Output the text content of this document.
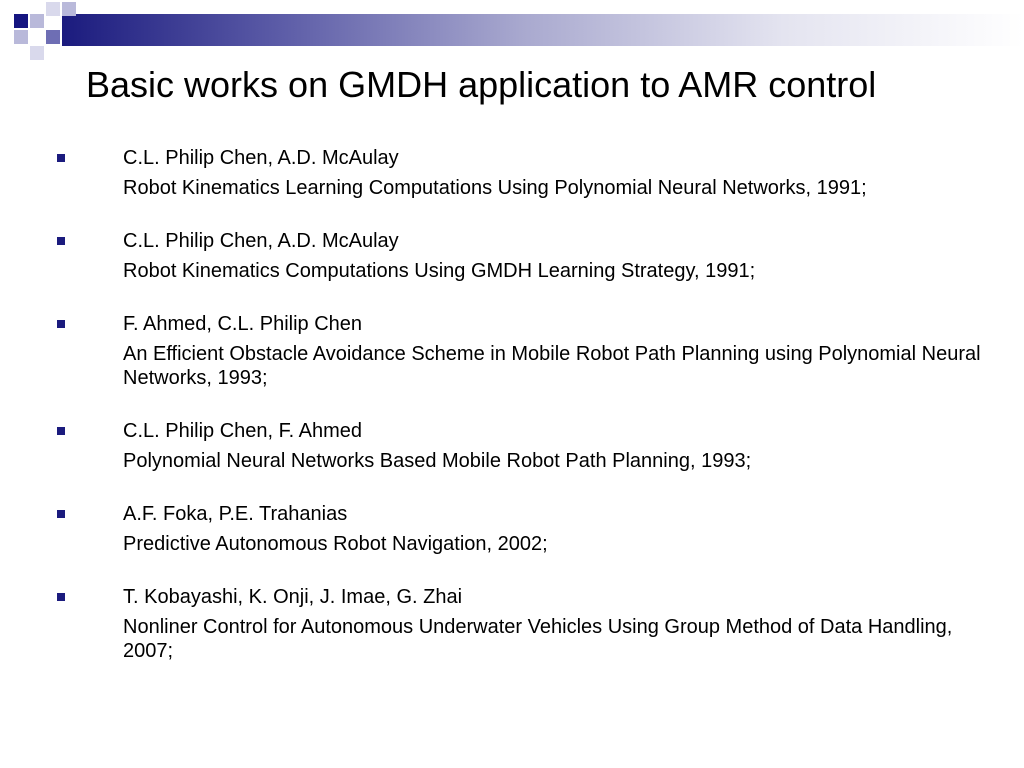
Basic works on GMDH application to AMR control
C.L. Philip Chen, A.D. McAulay
Robot Kinematics Learning Computations Using Polynomial Neural Networks, 1991;
C.L. Philip Chen, A.D. McAulay
Robot Kinematics Computations Using GMDH Learning Strategy, 1991;
F. Ahmed, C.L. Philip Chen
An Efficient Obstacle Avoidance Scheme in Mobile Robot Path Planning using Polynomial Neural Networks, 1993;
C.L. Philip Chen, F. Ahmed
Polynomial Neural Networks Based Mobile Robot Path Planning, 1993;
A.F. Foka, P.E. Trahanias
Predictive Autonomous Robot Navigation, 2002;
T. Kobayashi, K. Onji, J. Imae, G. Zhai
Nonliner Control for Autonomous Underwater Vehicles Using Group Method of Data Handling, 2007;
